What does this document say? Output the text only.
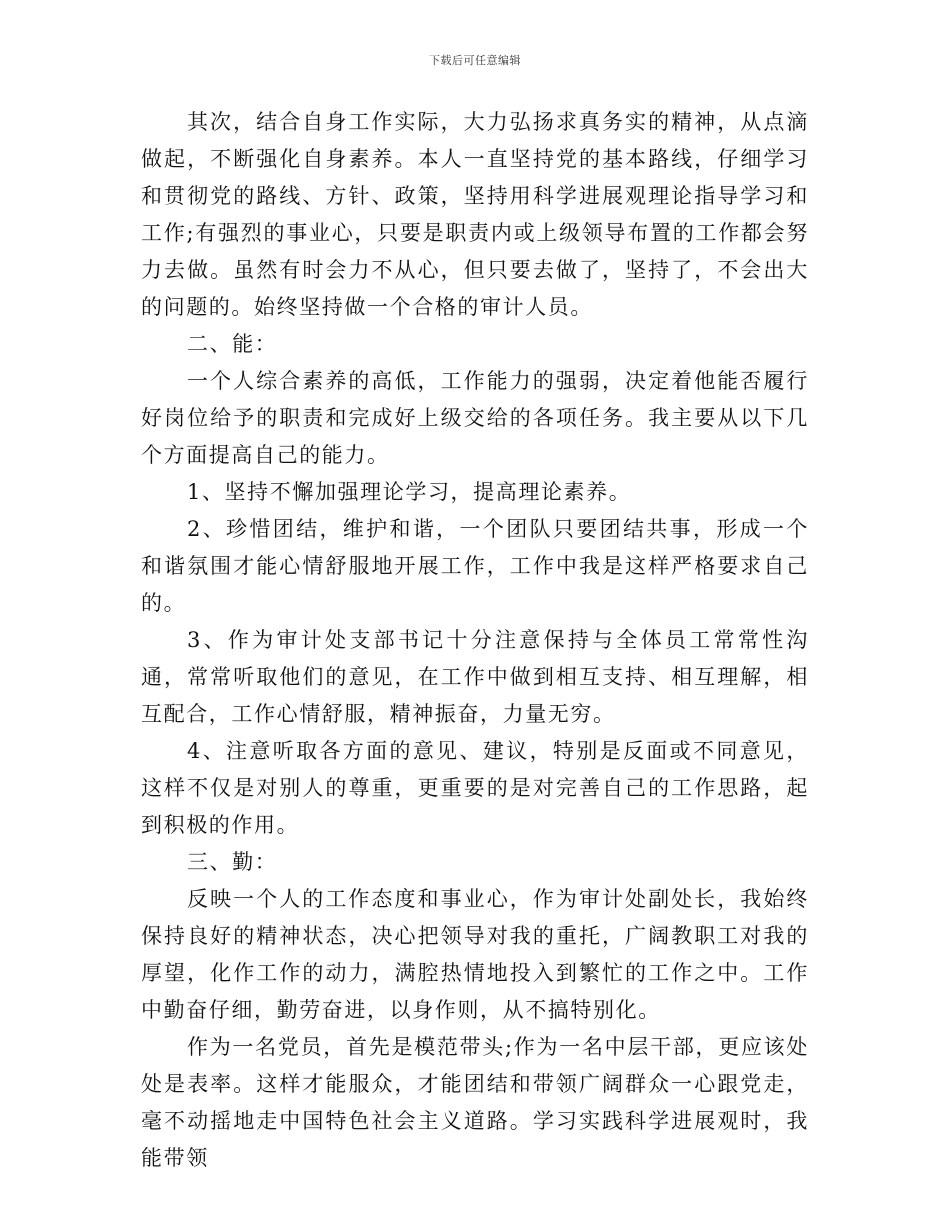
下载后可任意编辑

其次，结合自身工作实际，大力弘扬求真务实的精神，从点滴做起，不断强化自身素养。本人一直坚持党的基本路线，仔细学习和贯彻党的路线、方针、政策，坚持用科学进展观理论指导学习和工作;有强烈的事业心，只要是职责内或上级领导布置的工作都会努力去做。虽然有时会力不从心，但只要去做了，坚持了，不会出大的问题的。始终坚持做一个合格的审计人员。

二、能：

一个人综合素养的高低，工作能力的强弱，决定着他能否履行好岗位给予的职责和完成好上级交给的各项任务。我主要从以下几个方面提高自己的能力。

1、坚持不懈加强理论学习，提高理论素养。

2、珍惜团结，维护和谐，一个团队只要团结共事，形成一个和谐氛围才能心情舒服地开展工作，工作中我是这样严格要求自己的。

3、作为审计处支部书记十分注意保持与全体员工常常性沟通，常常听取他们的意见，在工作中做到相互支持、相互理解，相互配合，工作心情舒服，精神振奋，力量无穷。

4、注意听取各方面的意见、建议，特别是反面或不同意见，这样不仅是对别人的尊重，更重要的是对完善自己的工作思路，起到积极的作用。

三、勤：

反映一个人的工作态度和事业心，作为审计处副处长，我始终保持良好的精神状态，决心把领导对我的重托，广阔教职工对我的厚望，化作工作的动力，满腔热情地投入到繁忙的工作之中。工作中勤奋仔细，勤劳奋进，以身作则，从不搞特别化。

作为一名党员，首先是模范带头;作为一名中层干部，更应该处处是表率。这样才能服众，才能团结和带领广阔群众一心跟党走，毫不动摇地走中国特色社会主义道路。学习实践科学进展观时，我能带领
